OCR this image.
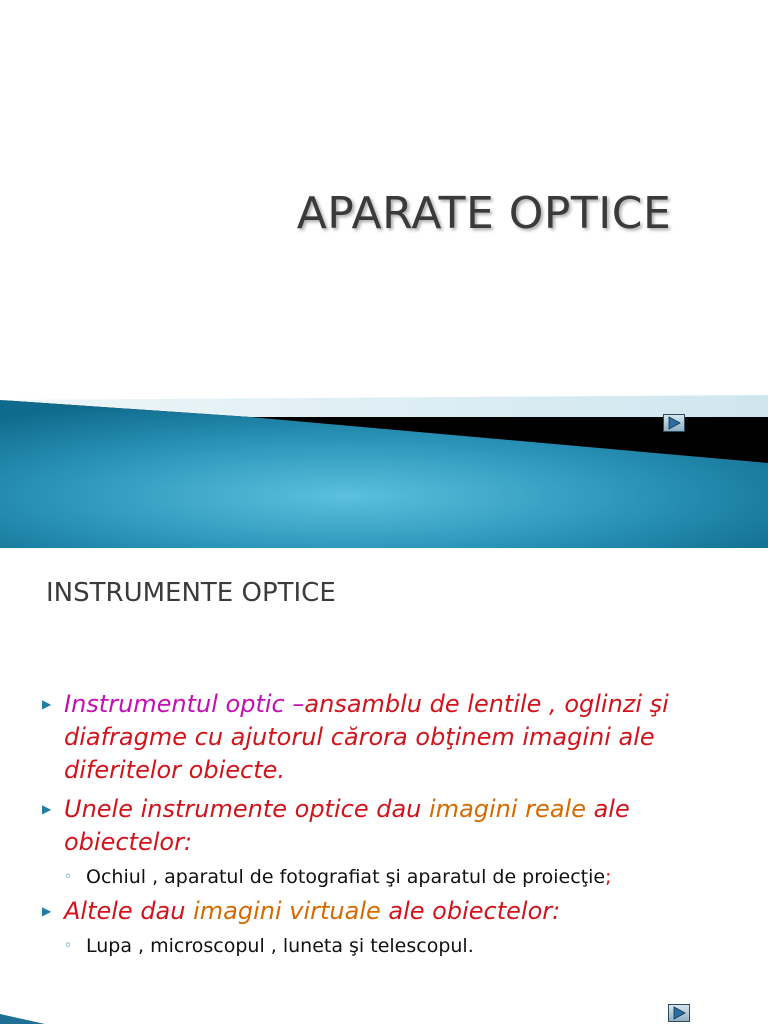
APARATE OPTICE
INSTRUMENTE OPTICE
▶ Instrumentul optic –ansamblu de lentile , oglinzi şi diafragme cu ajutorul cărora obţinem imagini ale diferitelor obiecte.
▶ Unele instrumente optice dau imagini reale ale obiectelor:
◦ Ochiul , aparatul de fotografiat şi aparatul de proiecţie;
▶ Altele dau imagini virtuale ale obiectelor:
◦ Lupa , microscopul , luneta şi telescopul.
